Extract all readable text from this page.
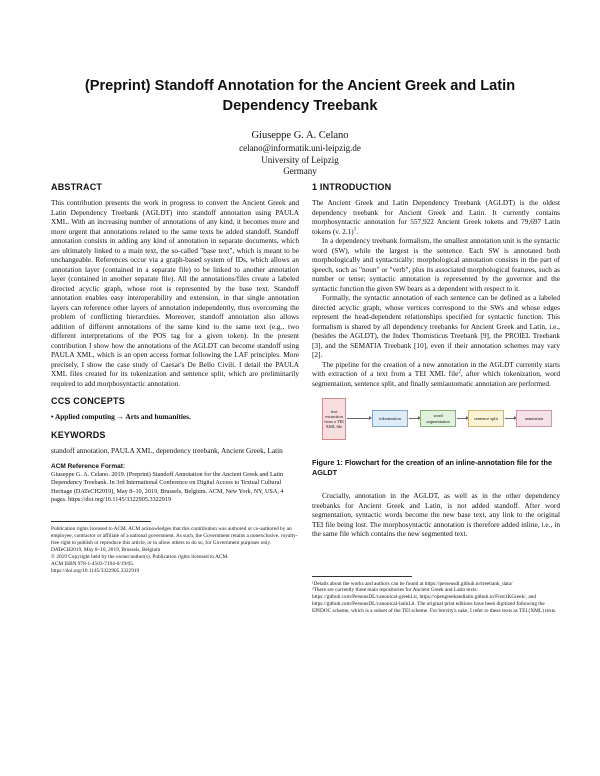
(Preprint) Standoff Annotation for the Ancient Greek and Latin
Dependency Treebank
Giuseppe G. A. Celano
celano@informatik.uni-leipzig.de
University of Leipzig
Germany
ABSTRACT

This contribution presents the work in progress to convert the Ancient Greek and Latin Dependency Treebank (AGLDT) into standoff annotation using PAULA XML. With an increasing number of annotations of any kind, it becomes more and more urgent that annotations related to the same texts be added standoff. Standoff annotation consists in adding any kind of annotation in separate documents, which are ultimately linked to a main text, the so-called "base text", which is meant to be unchangeable. References occur via a graph-based system of IDs, which allows an annotation layer (contained in a separate file) to be linked to another annotation layer (contained in another separate file). All the annotations/files create a labeled directed acyclic graph, whose root is represented by the base text. Standoff annotation enables easy interoperability and extension, in that single annotation layers can reference other layers of annotation independently, thus overcoming the problem of conflicting hierarchies. Moreover, standoff annotation also allows addition of different annotations of the same kind to the same text (e.g., two different interpretations of the POS tag for a given token). In the present contribution I show how the annotations of the AGLDT can become standoff using PAULA XML, which is an open access format following the LAF principles. More precisely, I show the case study of Caesar's De Bello Civili. I detail the PAULA XML files created for its tokenization and sentence split, which are preliminarily required to add morphosyntactic annotation.

CCS CONCEPTS

• Applied computing → Arts and humanities.

KEYWORDS

standoff annotation, PAULA XML, dependency treebank, Ancient Greek, Latin

ACM Reference Format:

Giuseppe G. A. Celano. 2019. (Preprint) Standoff Annotation for the Ancient Greek and Latin Dependency Treebank. In 3rd International Conference on Digital Access to Textual Cultural Heritage (DATeCH2019), May 8–10, 2019, Brussels, Belgium. ACM, New York, NY, USA, 4 pages. https://doi.org/10.1145/3322905.3322919

Publication rights licensed to ACM. ACM acknowledges that this contribution was authored or co-authored by an employee, contractor or affiliate of a national government. As such, the Government retains a nonexclusive, royalty-free right to publish or reproduce this article, or to allow others to do so, for Government purposes only. DATeCH2019, May 8–10, 2019, Brussels, Belgium

© 2019 Copyright held by the owner/author(s). Publication rights licensed to ACM.

ACM ISBN 978-1-4503-7194-0/19/05.

https://doi.org/10.1145/3322905.3322919

1 INTRODUCTION

The Ancient Greek and Latin Dependency Treebank (AGLDT) is the oldest dependency treebank for Ancient Greek and Latin. It currently contains morphosyntactic annotation for 557,922 Ancient Greek tokens and 79,697 Latin tokens (v. 2.1)$^1$.

In a dependency treebank formalism, the smallest annotation unit is the syntactic word (SW), while the largest is the sentence. Each SW is annotated both morphologically and syntactically: morphological annotation consists in the part of speech, such as "noun" or "verb", plus its associated morphological features, such as number or tense; syntactic annotation is represented by the governor and the syntactic function the given SW bears as a dependent with respect to it.

Formally, the syntactic annotation of each sentence can be defined as a labeled directed acyclic graph, whose vertices correspond to the SWs and whose edges represent the head-dependent relationships specified for syntactic function. This formalism is shared by all dependency treebanks for Ancient Greek and Latin, i.e., (besides the AGLDT), the Index Thomisticus Treebank [9], the PROIEL Treebank [3], and the SEMATIA Treebank [10], even if their annotation schemes may vary [2].

The pipeline for the creation of a new annotation in the AGLDT currently starts with extraction of a text from a TEI XML file$^2$, after which tokenization, word segmentation, sentence split, and finally semiautomatic annotation are performed.

text extraction from a TEI XML file
tokenization
word segmentation
sentence split	annotation
Figure 1: Flowchart for the creation of an inline-annotation file for the AGLDT

Crucially, annotation in the AGLDT, as well as in the other dependency treebanks for Ancient Greek and Latin, is not added standoff. After word segmentation, syntactic words become the new base text, any link to the original TEI file being lost. The morphosyntactic annotation is therefore added inline, i.e., in the same file which contains the new segmented text.

¹Details about the works and authors can be found at https://perseusdl.github.io/treebank_data/

²There are currently three main repositories for Ancient Greek and Latin texts: https://github.com/PerseusDL/canonical-greekLit, https://opengreekandlatin.github.io/First1KGreek/, and https://github.com/PerseusDL/canonical-latinLit. The original print editions have been digitized following the EPIDOC scheme, which is a subset of the TEI scheme. For brevity's sake, I refer to these texts as TEI (XML) texts.
